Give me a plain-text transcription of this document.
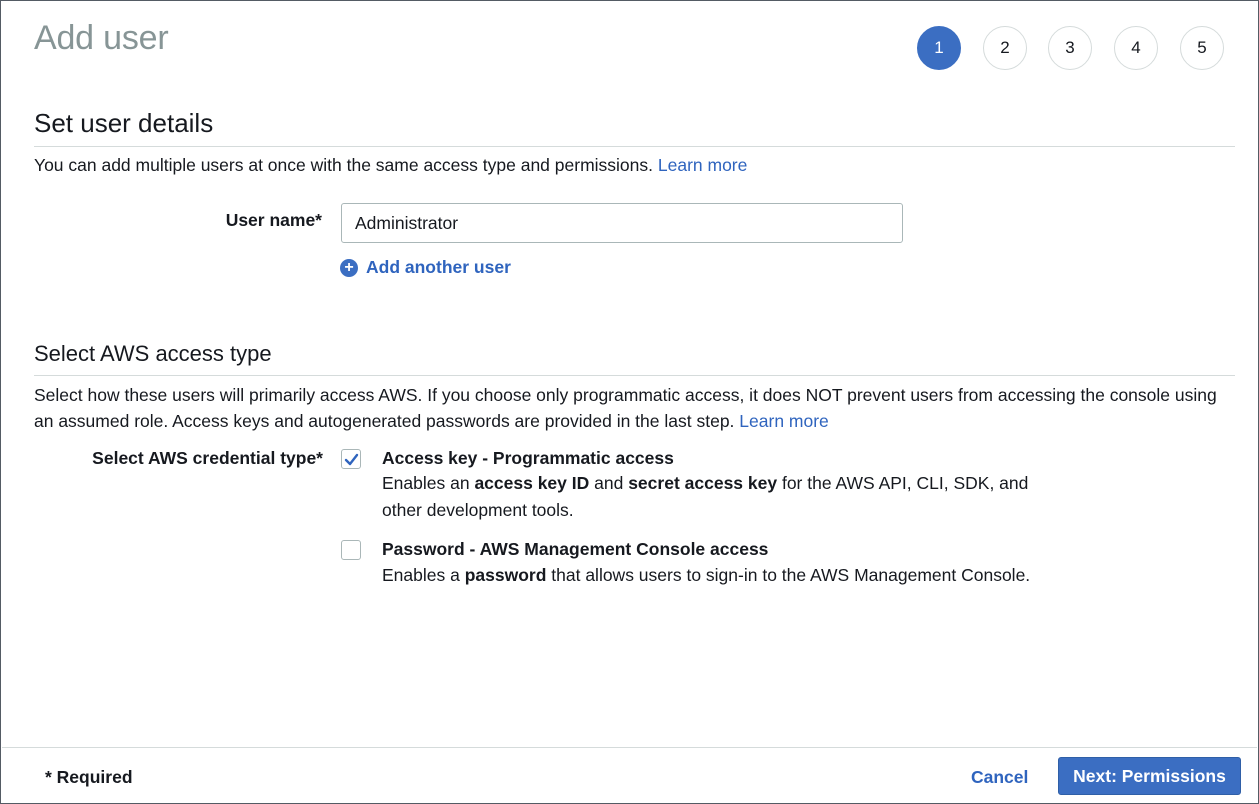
Add user	1	2	3	4	5
Set user details

You can add multiple users at once with the same access type and permissions. Learn more

User name*
Administrator
+ Add another user
Select AWS access type

Select how these users will primarily access AWS. If you choose only programmatic access, it does NOT prevent users from accessing the console using an assumed role. Access keys and autogenerated passwords are provided in the last step. Learn more

Select AWS credential type*	Access key - Programmatic access
Enables an access key ID and secret access key for the AWS API, CLI, SDK, and other development tools.
Password - AWS Management Console access
Enables a password that allows users to sign-in to the AWS Management Console.
* Required	Cancel	Next: Permissions
